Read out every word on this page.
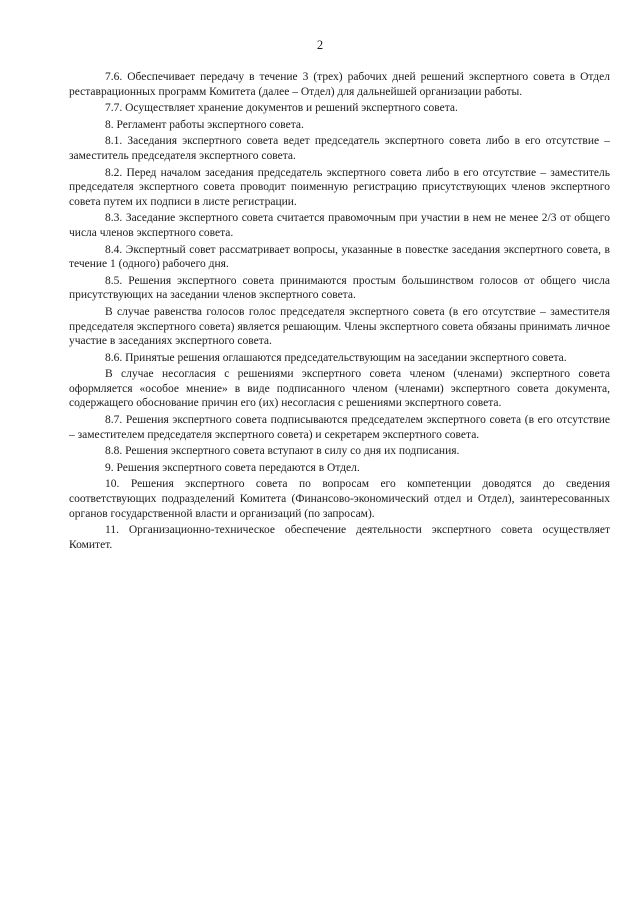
2

7.6. Обеспечивает передачу в течение 3 (трех) рабочих дней решений экспертного совета в Отдел реставрационных программ Комитета (далее – Отдел) для дальнейшей организации работы.

7.7. Осуществляет хранение документов и решений экспертного совета.

8. Регламент работы экспертного совета.

8.1. Заседания экспертного совета ведет председатель экспертного совета либо в его отсутствие – заместитель председателя экспертного совета.

8.2. Перед началом заседания председатель экспертного совета либо в его отсутствие – заместитель председателя экспертного совета проводит поименную регистрацию присутствующих членов экспертного совета путем их подписи в листе регистрации.

8.3. Заседание экспертного совета считается правомочным при участии в нем не менее 2/3 от общего числа членов экспертного совета.

8.4. Экспертный совет рассматривает вопросы, указанные в повестке заседания экспертного совета, в течение 1 (одного) рабочего дня.

8.5. Решения экспертного совета принимаются простым большинством голосов от общего числа присутствующих на заседании членов экспертного совета.

В случае равенства голосов голос председателя экспертного совета (в его отсутствие – заместителя председателя экспертного совета) является решающим. Члены экспертного совета обязаны принимать личное участие в заседаниях экспертного совета.

8.6. Принятые решения оглашаются председательствующим на заседании экспертного совета.

В случае несогласия с решениями экспертного совета членом (членами) экспертного совета оформляется «особое мнение» в виде подписанного членом (членами) экспертного совета документа, содержащего обоснование причин его (их) несогласия с решениями экспертного совета.

8.7. Решения экспертного совета подписываются председателем экспертного совета (в его отсутствие – заместителем председателя экспертного совета) и секретарем экспертного совета.

8.8. Решения экспертного совета вступают в силу со дня их подписания.

9. Решения экспертного совета передаются в Отдел.

10. Решения экспертного совета по вопросам его компетенции доводятся до сведения соответствующих подразделений Комитета (Финансово-экономический отдел и Отдел), заинтересованных органов государственной власти и организаций (по запросам).

11. Организационно-техническое обеспечение деятельности экспертного совета осуществляет Комитет.
